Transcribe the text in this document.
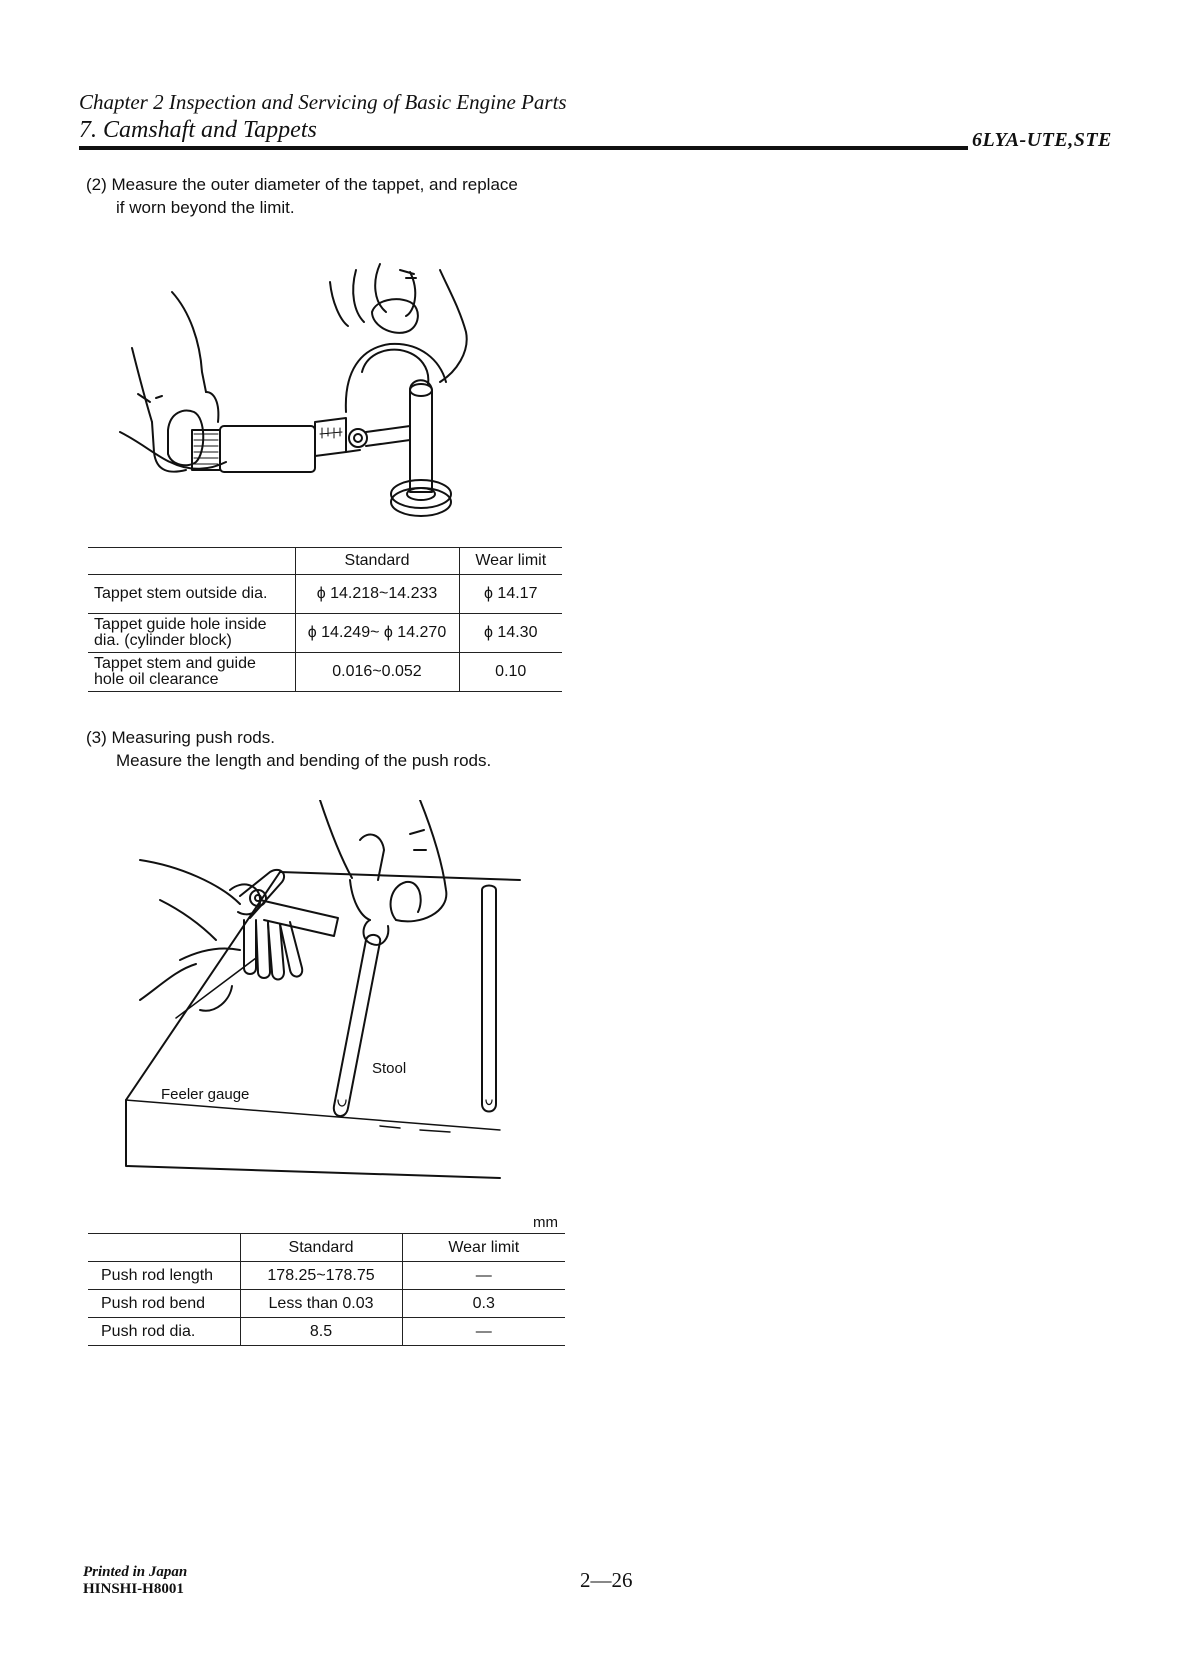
Chapter 2 Inspection and Servicing of Basic Engine Parts
7. Camshaft and Tappets	6LYA-UTE,STE
(2) Measure the outer diameter of the tappet, and replace
if worn beyond the limit.
	Standard	Wear limit
Tappet stem outside dia.	ϕ 14.218~14.233	ϕ 14.17
Tappet guide hole inside dia. (cylinder block)	ϕ 14.249~ ϕ 14.270	ϕ 14.30
Tappet stem and guide hole oil clearance	0.016~0.052	0.10
(3) Measuring push rods.
Measure the length and bending of the push rods.
Stool
Feeler gauge
mm
	Standard	Wear limit
Push rod length	178.25~178.75	—
Push rod bend	Less than 0.03	0.3
Push rod dia.	8.5	—
Printed in Japan
HINSHI-H8001	2—26
